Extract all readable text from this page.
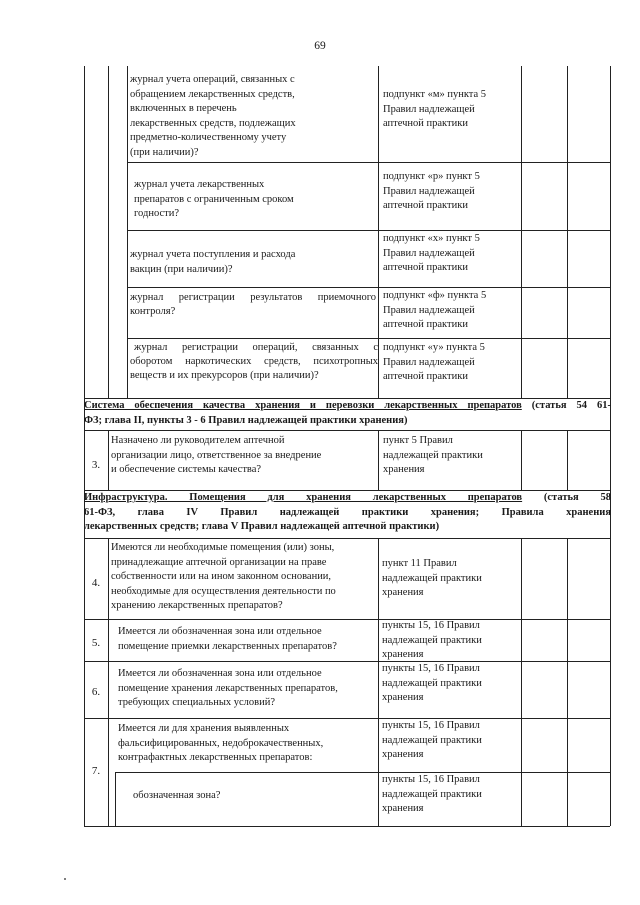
69
журнал учета операций, связанных с
обращением лекарственных средств,
включенных в перечень
лекарственных средств, подлежащих
предметно-количественному учету
(при наличии)?
подпункт «м» пункта 5
Правил надлежащей
аптечной практики
журнал учета лекарственных
препаратов с ограниченным сроком
годности?
подпункт «р» пункт 5
Правил надлежащей
аптечной практики
журнал учета поступления и расхода
вакцин (при наличии)?
подпункт «х» пункт 5
Правил надлежащей
аптечной практики
журнал регистрации результатов приемочного
контроля?
подпункт «ф» пункта 5
Правил надлежащей
аптечной практики
журнал регистрации операций, связанных с
оборотом наркотических средств, психотропных
веществ и их прекурсоров (при наличии)?
подпункт «у» пункта 5
Правил надлежащей
аптечной практики
Система обеспечения качества хранения и перевозки лекарственных препаратов (статья 54 61-
ФЗ; глава II, пункты 3 - 6 Правил надлежащей практики хранения)
3.
Назначено ли руководителем аптечной
организации лицо, ответственное за внедрение
и обеспечение системы качества?
пункт 5 Правил
надлежащей практики
хранения
Инфраструктура. Помещения для хранения лекарственных препаратов (статья 58
61-ФЗ, глава IV Правил надлежащей практики хранения; Правила хранения
лекарственных средств; глава V Правил надлежащей аптечной практики)
4.
Имеются ли необходимые помещения (или) зоны,
принадлежащие аптечной организации на праве
собственности или на ином законном основании,
необходимые для осуществления деятельности по
хранению лекарственных препаратов?
пункт 11 Правил
надлежащей практики
хранения
5.
Имеется ли обозначенная зона или отдельное
помещение приемки лекарственных препаратов?
пункты 15, 16 Правил
надлежащей практики
хранения
6.
Имеется ли обозначенная зона или отдельное
помещение хранения лекарственных препаратов,
требующих специальных условий?
пункты 15, 16 Правил
надлежащей практики
хранения
7.
Имеется ли для хранения выявленных
фальсифицированных, недоброкачественных,
контрафактных лекарственных препаратов:
пункты 15, 16 Правил
надлежащей практики
хранения
обозначенная зона?
пункты 15, 16 Правил
надлежащей практики
хранения
